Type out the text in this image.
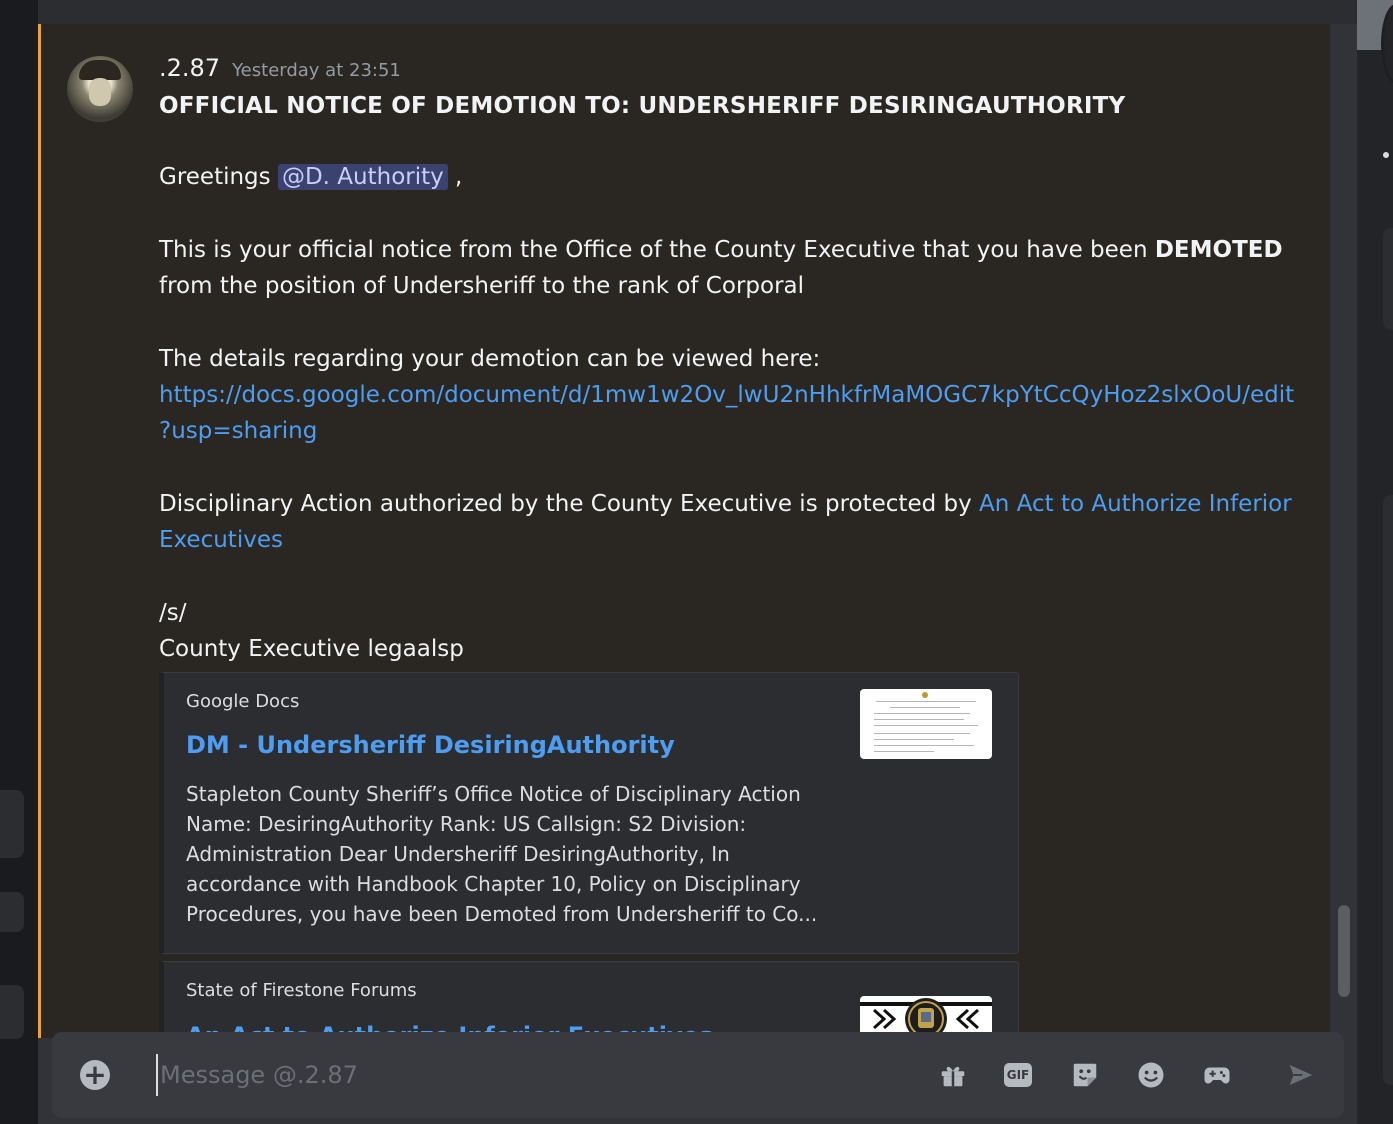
.2.87 Yesterday at 23:51
OFFICIAL NOTICE OF DEMOTION TO: UNDERSHERIFF DESIRINGAUTHORITY
Greetings @D. Authority ,
This is your official notice from the Office of the County Executive that you have been DEMOTED
from the position of Undersheriff to the rank of Corporal
The details regarding your demotion can be viewed here:
https://docs.google.com/document/d/1mw1w2Ov_lwU2nHhkfrMaMOGC7kpYtCcQyHoz2slxOoU/edit
?usp=sharing
Disciplinary Action authorized by the County Executive is protected by An Act to Authorize Inferior
Executives
/s/
County Executive legaalsp
Google Docs
DM - Undersheriff DesiringAuthority
Stapleton County Sheriff’s Office Notice of Disciplinary Action Name: DesiringAuthority Rank: US Callsign: S2 Division: Administration Dear Undersheriff DesiringAuthority, In accordance with Handbook Chapter 10, Policy on Disciplinary Procedures, you have been Demoted from Undersheriff to Co...
State of Firestone Forums
+
Message @.2.87	GIF
